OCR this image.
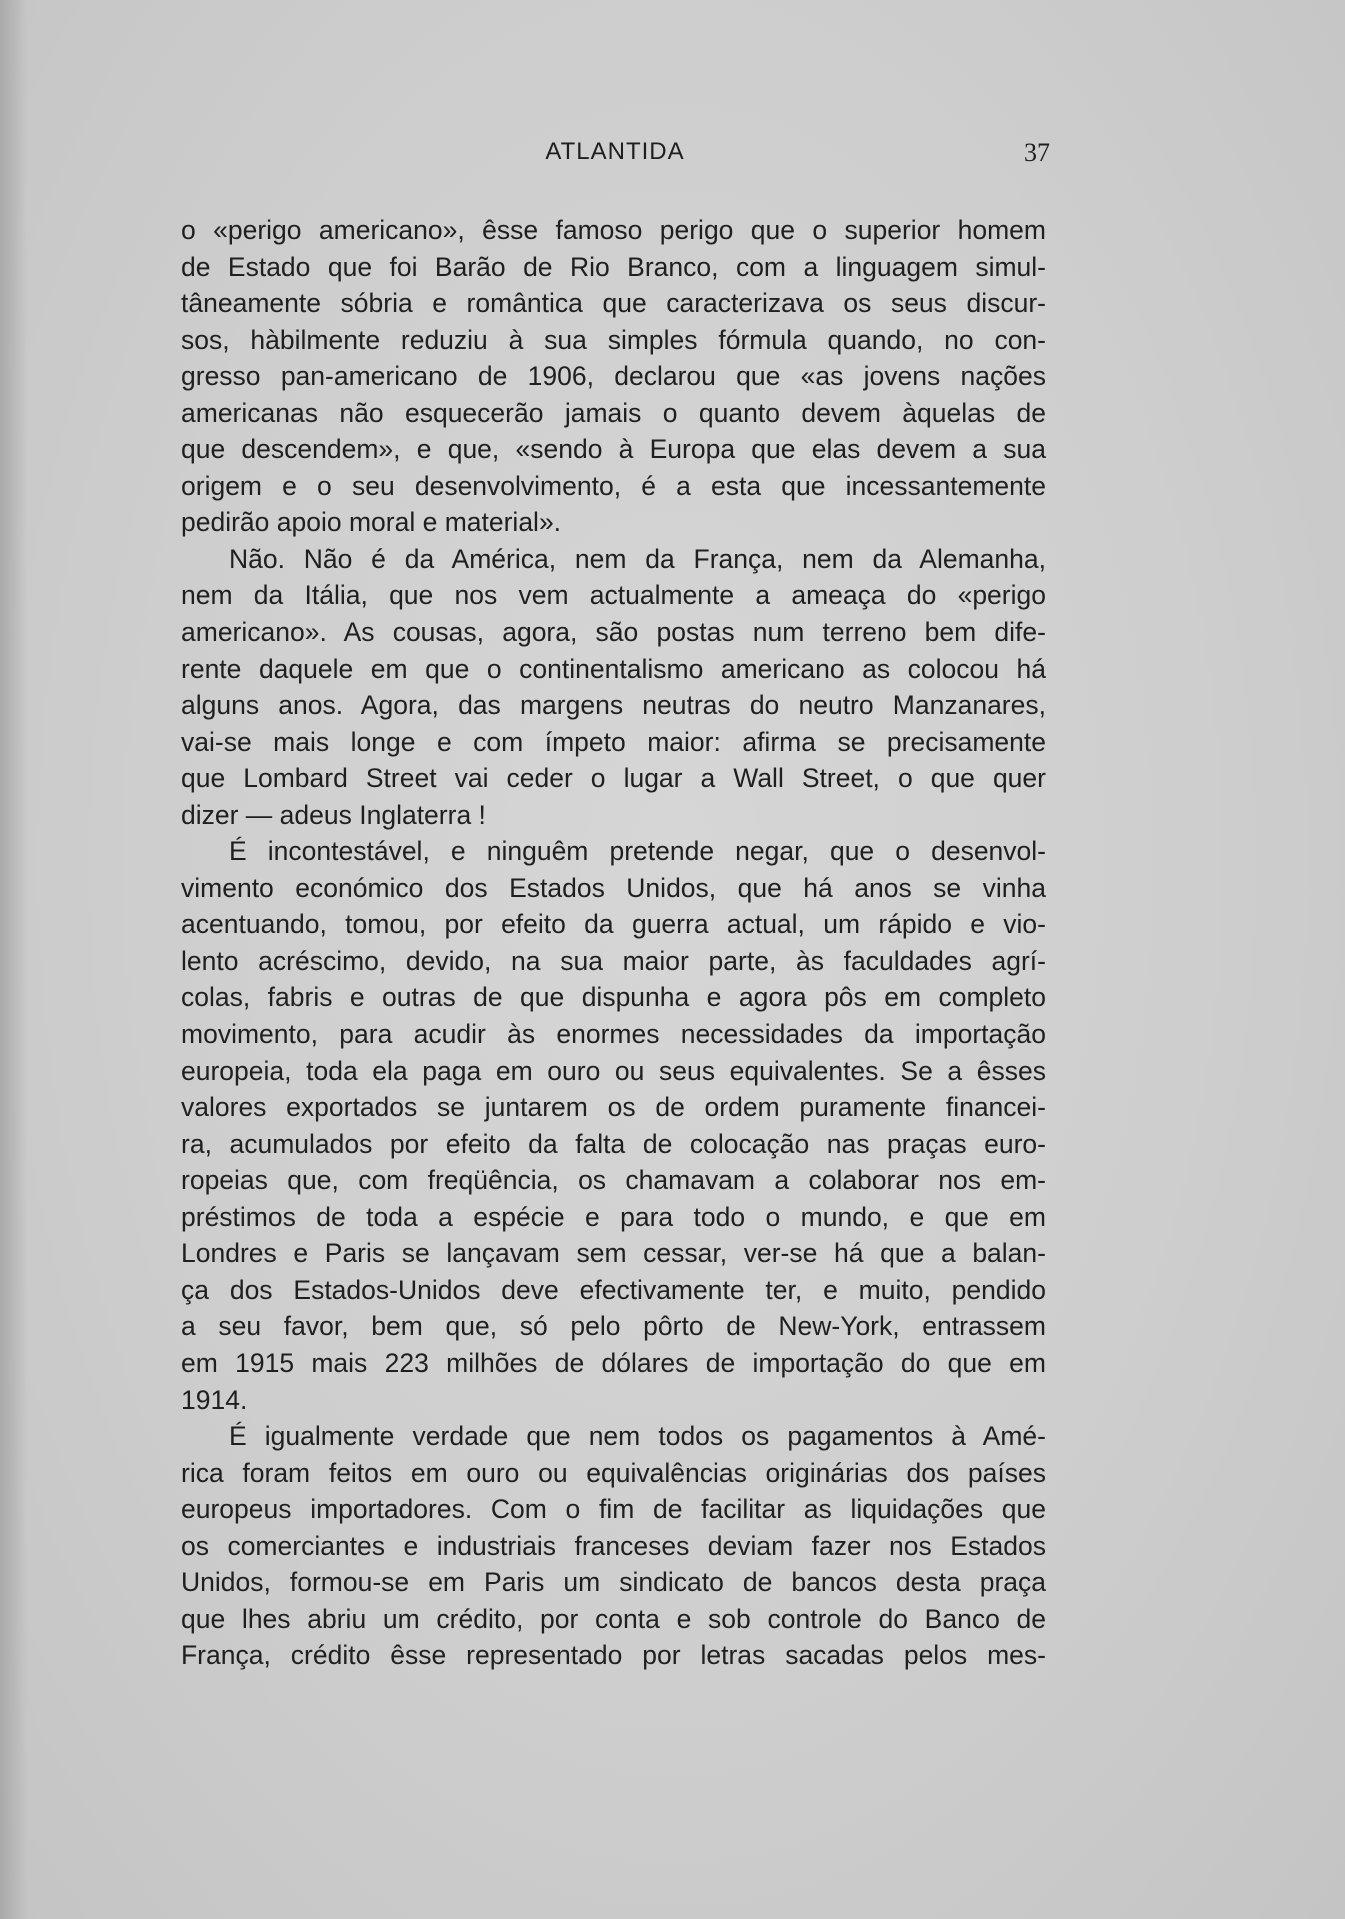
ATLANTIDA	37

o «perigo americano», êsse famoso perigo que o superior homem
de Estado que foi Barão de Rio Branco, com a linguagem simul-
tâneamente sóbria e romântica que caracterizava os seus discur-
sos, hàbilmente reduziu à sua simples fórmula quando, no con-
gresso pan-americano de 1906, declarou que «as jovens nações
americanas não esquecerão jamais o quanto devem àquelas de
que descendem», e que, «sendo à Europa que elas devem a sua
origem e o seu desenvolvimento, é a esta que incessantemente
pedirão apoio moral e material».

Não. Não é da América, nem da França, nem da Alemanha,
nem da Itália, que nos vem actualmente a ameaça do «perigo
americano». As cousas, agora, são postas num terreno bem dife-
rente daquele em que o continentalismo americano as colocou há
alguns anos. Agora, das margens neutras do neutro Manzanares,
vai-se mais longe e com ímpeto maior: afirma se precisamente
que Lombard Street vai ceder o lugar a Wall Street, o que quer
dizer — adeus Inglaterra !

É incontestável, e ninguêm pretende negar, que o desenvol-
vimento económico dos Estados Unidos, que há anos se vinha
acentuando, tomou, por efeito da guerra actual, um rápido e vio-
lento acréscimo, devido, na sua maior parte, às faculdades agrí-
colas, fabris e outras de que dispunha e agora pôs em completo
movimento, para acudir às enormes necessidades da importação
europeia, toda ela paga em ouro ou seus equivalentes. Se a êsses
valores exportados se juntarem os de ordem puramente financei-
ra, acumulados por efeito da falta de colocação nas praças euro-
ropeias que, com freqüência, os chamavam a colaborar nos em-
préstimos de toda a espécie e para todo o mundo, e que em
Londres e Paris se lançavam sem cessar, ver-se há que a balan-
ça dos Estados-Unidos deve efectivamente ter, e muito, pendido
a seu favor, bem que, só pelo pôrto de New-York, entrassem
em 1915 mais 223 milhões de dólares de importação do que em
1914.

É igualmente verdade que nem todos os pagamentos à Amé-
rica foram feitos em ouro ou equivalências originárias dos países
europeus importadores. Com o fim de facilitar as liquidações que
os comerciantes e industriais franceses deviam fazer nos Estados
Unidos, formou-se em Paris um sindicato de bancos desta praça
que lhes abriu um crédito, por conta e sob controle do Banco de
França, crédito êsse representado por letras sacadas pelos mes-
